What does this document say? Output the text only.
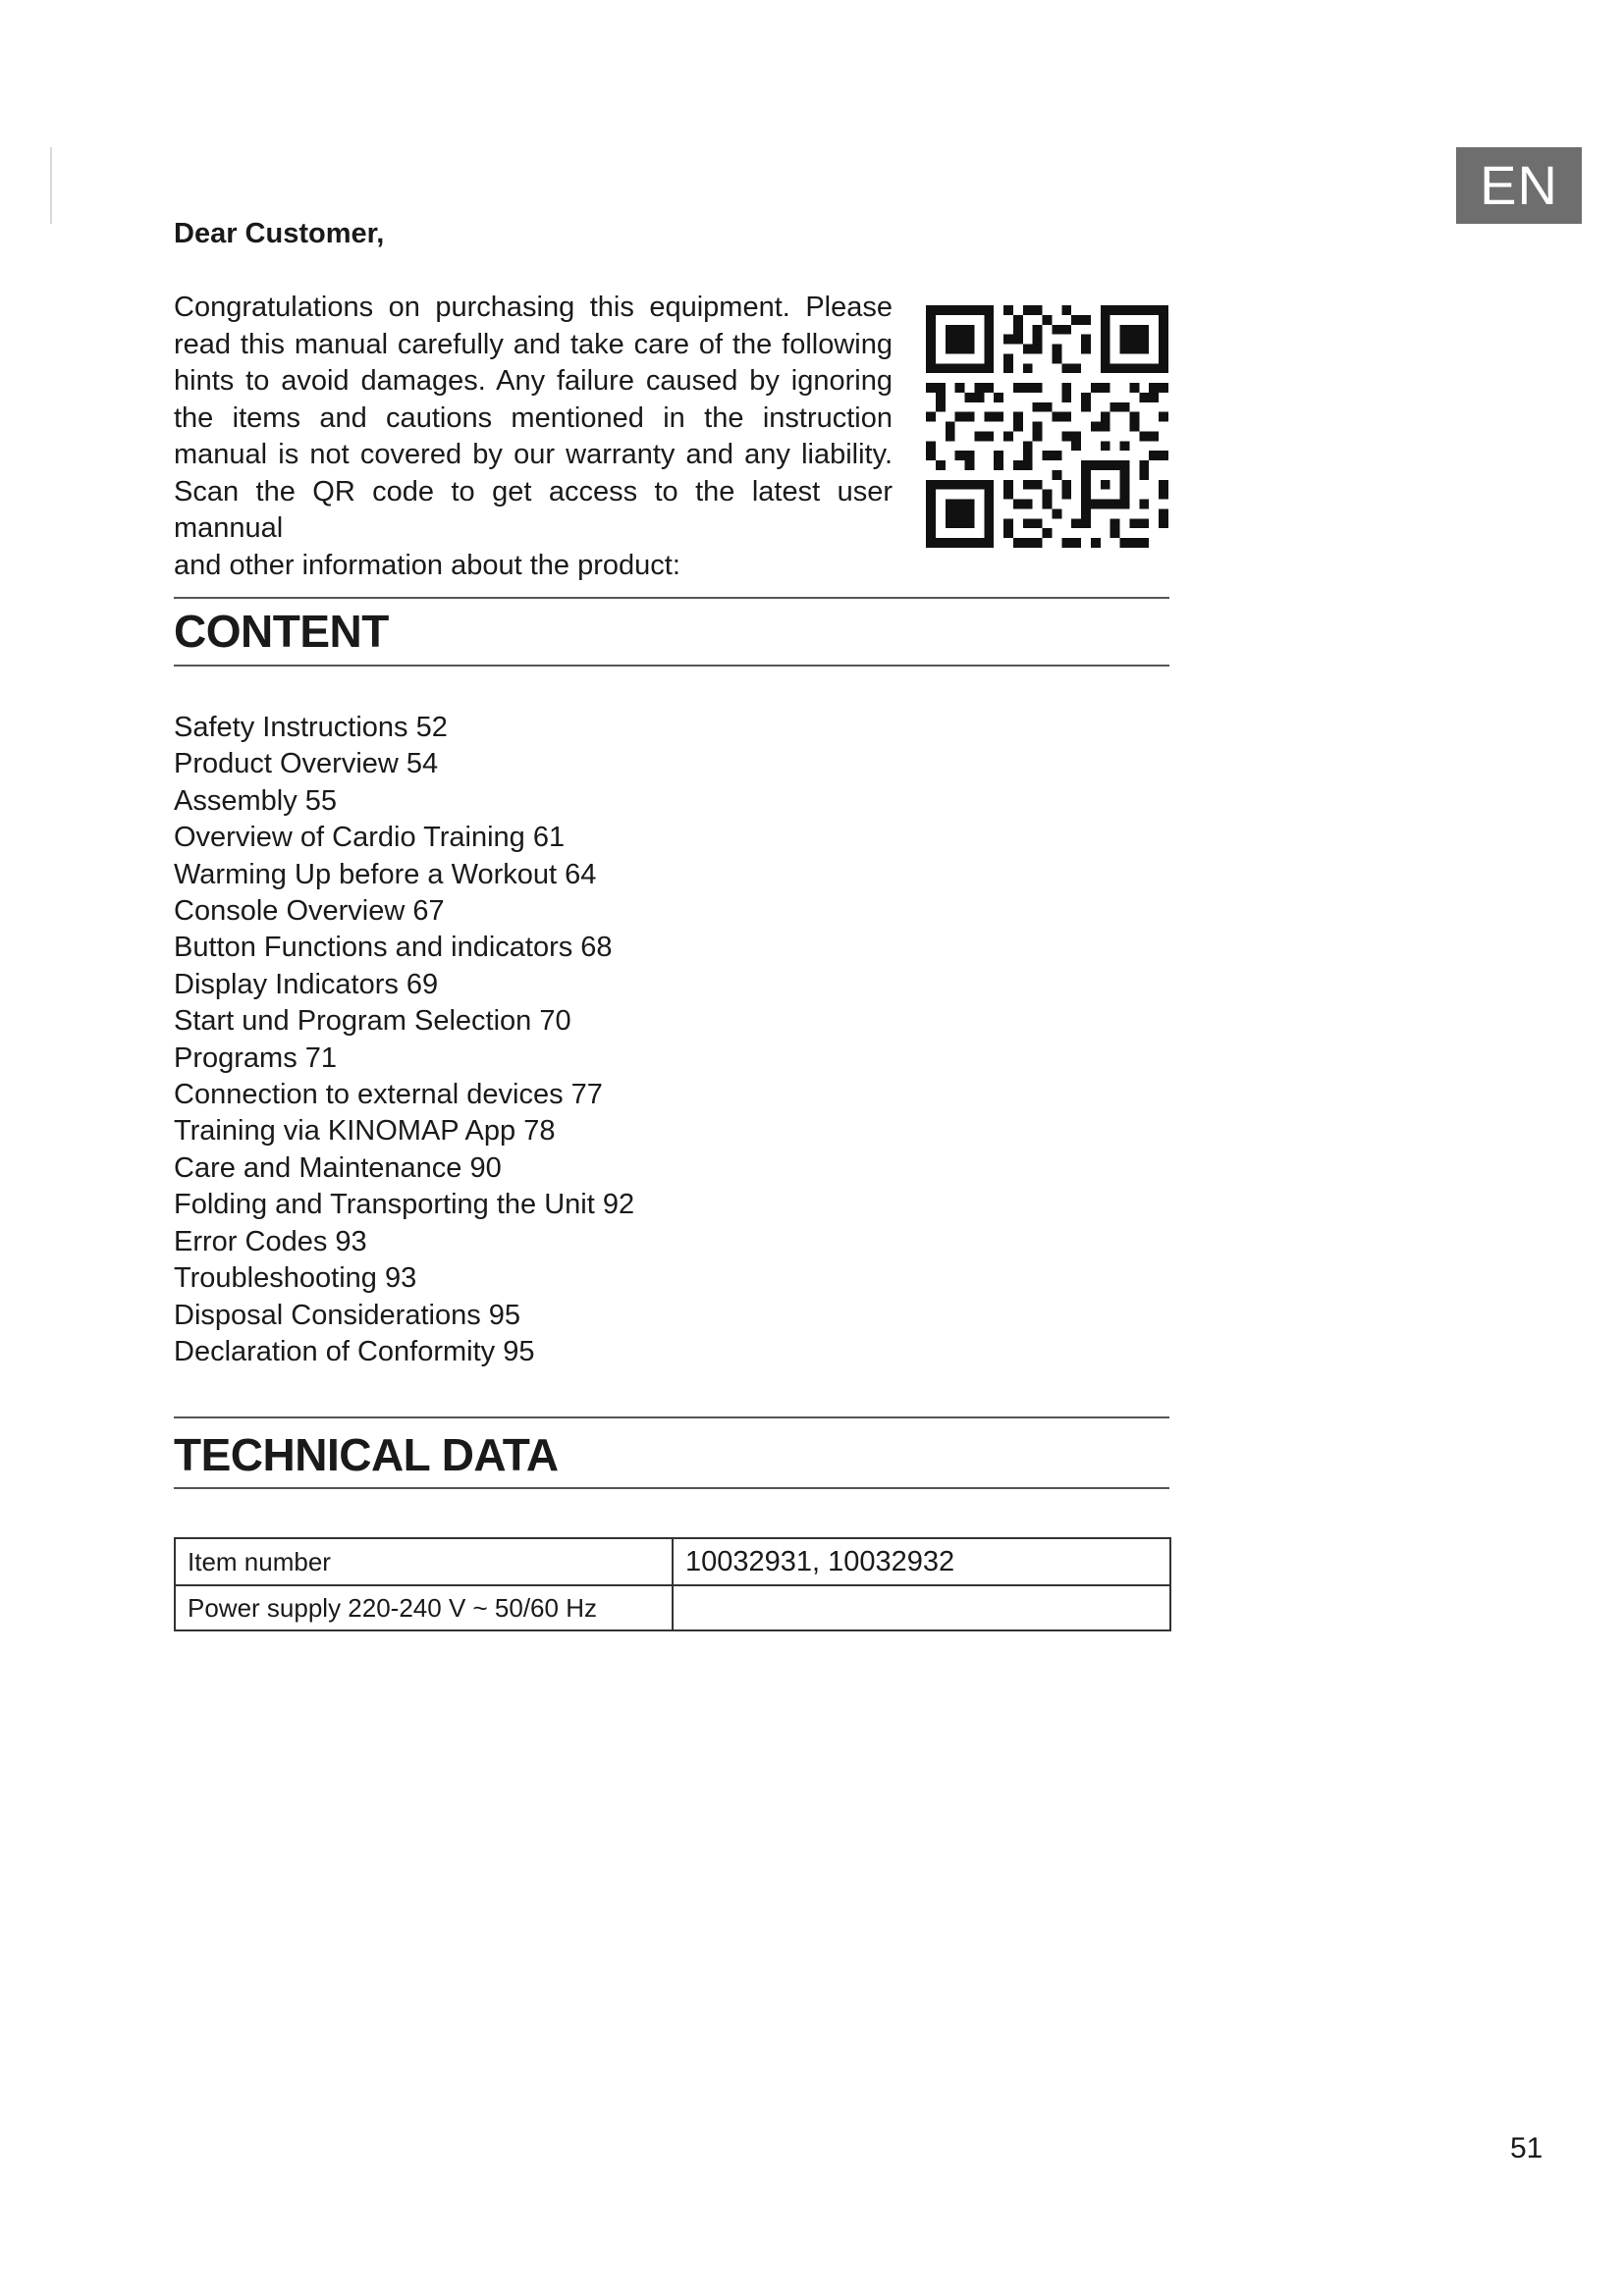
EN
Dear Customer,
Congratulations on purchasing this equipment. Please read this manual carefully and take care of the following hints to avoid damages. Any failure caused by ignoring the items and cautions mentioned in the instruction manual is not covered by our warranty and any liability. Scan the QR code to get access to the latest user mannual
and other information about the product:
CONTENT
Safety Instructions 52
Product Overview 54
Assembly 55
Overview of Cardio Training 61
Warming Up before a Workout 64
Console Overview 67
Button Functions and indicators 68
Display Indicators 69
Start und Program Selection 70
Programs 71
Connection to external devices 77
Training via KINOMAP App 78
Care and Maintenance 90
Folding and Transporting the Unit 92
Error Codes 93
Troubleshooting 93
Disposal Considerations 95
Declaration of Conformity 95
TECHNICAL DATA
Item number	10032931, 10032932
Power supply 220-240 V ~ 50/60 Hz	
51
